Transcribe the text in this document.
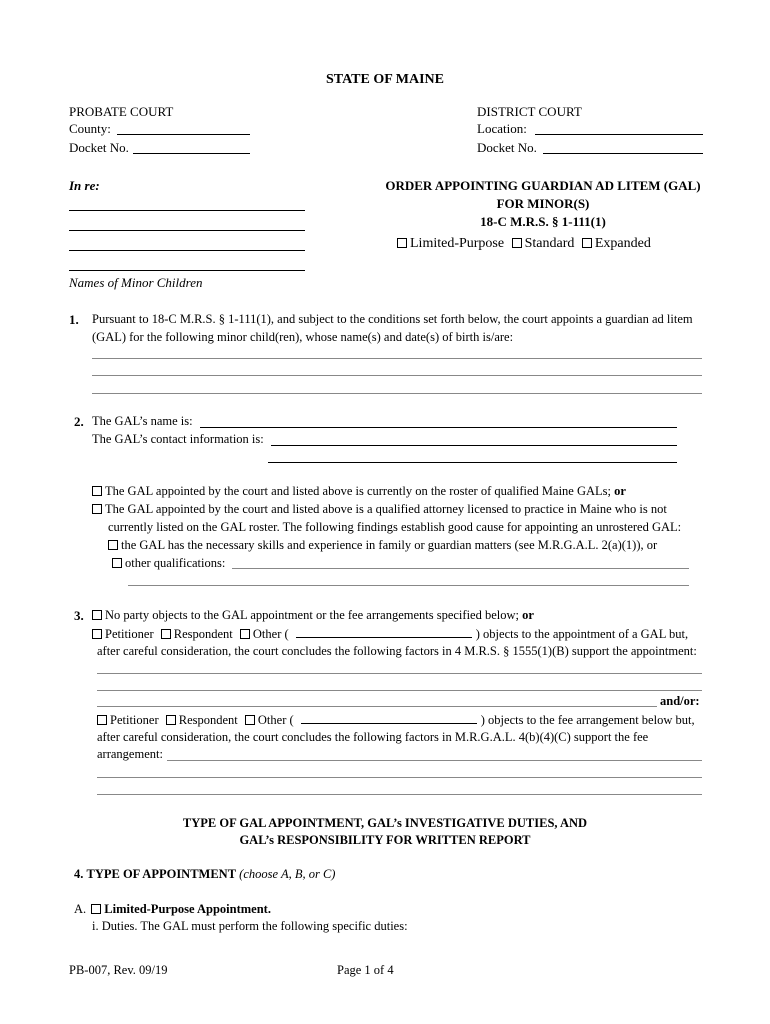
STATE OF MAINE
PROBATE COURT
County:
Docket No.
DISTRICT COURT
Location:
Docket No.
In re:
Names of Minor Children
ORDER APPOINTING GUARDIAN AD LITEM (GAL)
FOR MINOR(S)
18-C M.R.S. § 1-111(1)
Limited-Purpose Standard Expanded
1. Pursuant to 18-C M.R.S. § 1-111(1), and subject to the conditions set forth below, the court appoints a guardian ad litem
(GAL) for the following minor child(ren), whose name(s) and date(s) of birth is/are:
2. The GAL’s name is:
The GAL’s contact information is:
The GAL appointed by the court and listed above is currently on the roster of qualified Maine GALs; or
The GAL appointed by the court and listed above is a qualified attorney licensed to practice in Maine who is not
currently listed on the GAL roster. The following findings establish good cause for appointing an unrostered GAL:
the GAL has the necessary skills and experience in family or guardian matters (see M.R.G.A.L. 2(a)(1)), or
other qualifications:
3.	No party objects to the GAL appointment or the fee arrangements specified below; or
Petitioner Respondent Other (	) objects to the appointment of a GAL but,
after careful consideration, the court concludes the following factors in 4 M.R.S. § 1555(1)(B) support the appointment:
and/or:
Petitioner Respondent Other (	) objects to the fee arrangement below but,
after careful consideration, the court concludes the following factors in M.R.G.A.L. 4(b)(4)(C) support the fee
arrangement:
TYPE OF GAL APPOINTMENT, GAL’s INVESTIGATIVE DUTIES, AND
GAL’s RESPONSIBILITY FOR WRITTEN REPORT
4. TYPE OF APPOINTMENT (choose A, B, or C)
A. Limited-Purpose Appointment.
i. Duties. The GAL must perform the following specific duties:
PB-007, Rev. 09/19	Page 1 of 4
